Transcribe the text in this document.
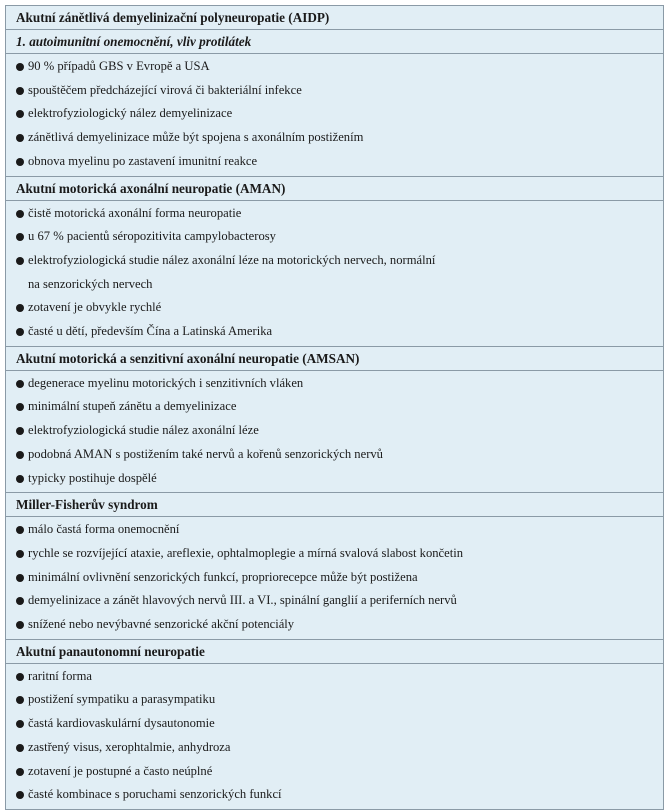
Akutní zánětlivá demyelinizační polyneuropatie (AIDP)
1. autoimunitní onemocnění, vliv protilátek
90 % případů GBS v Evropě a USA
spouštěčem předcházející virová či bakteriální infekce
elektrofyziologický nález demyelinizace
zánětlivá demyelinizace může být spojena s axonálním postižením
obnova myelinu po zastavení imunitní reakce
Akutní motorická axonální neuropatie (AMAN)
čistě motorická axonální forma neuropatie
u 67 % pacientů séropozitivita campylobacterosy
elektrofyziologická studie nález axonální léze na motorických nervech, normální
na senzorických nervech
zotavení je obvykle rychlé
časté u dětí, především Čína a Latinská Amerika
Akutní motorická a senzitivní axonální neuropatie (AMSAN)
degenerace myelinu motorických i senzitivních vláken
minimální stupeň zánětu a demyelinizace
elektrofyziologická studie nález axonální léze
podobná AMAN s postižením také nervů a kořenů senzorických nervů
typicky postihuje dospělé
Miller-Fisherův syndrom
málo častá forma onemocnění
rychle se rozvíjející ataxie, areflexie, ophtalmoplegie a mírná svalová slabost končetin
minimální ovlivnění senzorických funkcí, propriorecepce může být postižena
demyelinizace a zánět hlavových nervů III. a VI., spinální ganglií a periferních nervů
snížené nebo nevýbavné senzorické akční potenciály
Akutní panautonomní neuropatie
raritní forma
postižení sympatiku a parasympatiku
častá kardiovaskulární dysautonomie
zastřený visus, xerophtalmie, anhydroza
zotavení je postupné a často neúplné
časté kombinace s poruchami senzorických funkcí
